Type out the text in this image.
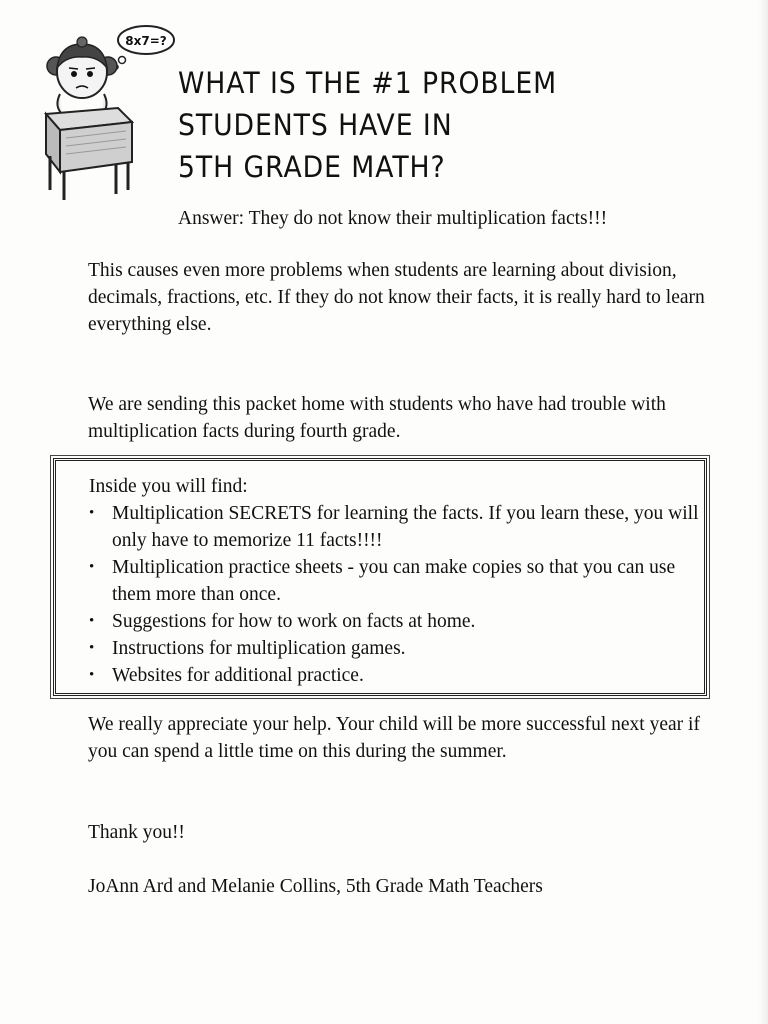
8x7=?
WHAT IS THE #1 PROBLEM
STUDENTS HAVE IN
5TH GRADE MATH?

Answer: They do not know their multiplication facts!!!

This causes even more problems when students are learning about division, decimals, fractions, etc. If they do not know their facts, it is really hard to learn everything else.

We are sending this packet home with students who have had trouble with multiplication facts during fourth grade.

Inside you will find:
• Multiplication SECRETS for learning the facts. If you learn these, you will only have to memorize 11 facts!!!!
• Multiplication practice sheets - you can make copies so that you can use them more than once.
• Suggestions for how to work on facts at home.
• Instructions for multiplication games.
• Websites for additional practice.

We really appreciate your help. Your child will be more successful next year if you can spend a little time on this during the summer.

Thank you!!

JoAnn Ard and Melanie Collins, 5th Grade Math Teachers
